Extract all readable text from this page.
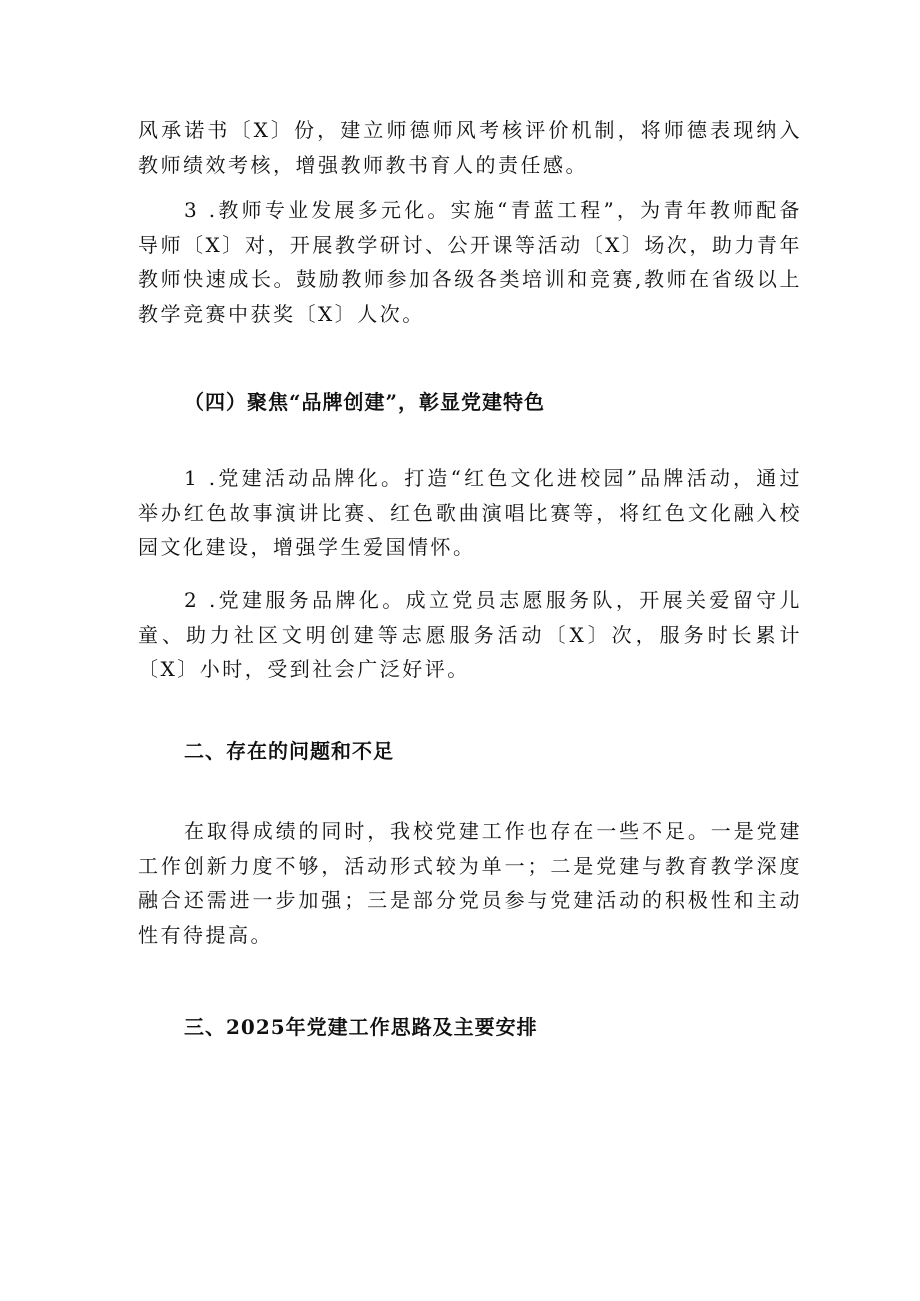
风承诺书〔X〕份，建立师德师风考核评价机制，将师德表现纳入教师绩效考核，增强教师教书育人的责任感。

3 .教师专业发展多元化。实施“青蓝工程”，为青年教师配备导师〔X〕对，开展教学研讨、公开课等活动〔X〕场次，助力青年教师快速成长。鼓励教师参加各级各类培训和竞赛,教师在省级以上教学竞赛中获奖〔X〕人次。

（四）聚焦“品牌创建”，彰显党建特色

1 .党建活动品牌化。打造“红色文化进校园”品牌活动，通过举办红色故事演讲比赛、红色歌曲演唱比赛等，将红色文化融入校园文化建设，增强学生爱国情怀。

2 .党建服务品牌化。成立党员志愿服务队，开展关爱留守儿童、助力社区文明创建等志愿服务活动〔X〕次，服务时长累计〔X〕小时，受到社会广泛好评。

二、存在的问题和不足

在取得成绩的同时，我校党建工作也存在一些不足。一是党建工作创新力度不够，活动形式较为单一；二是党建与教育教学深度融合还需进一步加强；三是部分党员参与党建活动的积极性和主动性有待提高。

三、2025年党建工作思路及主要安排
